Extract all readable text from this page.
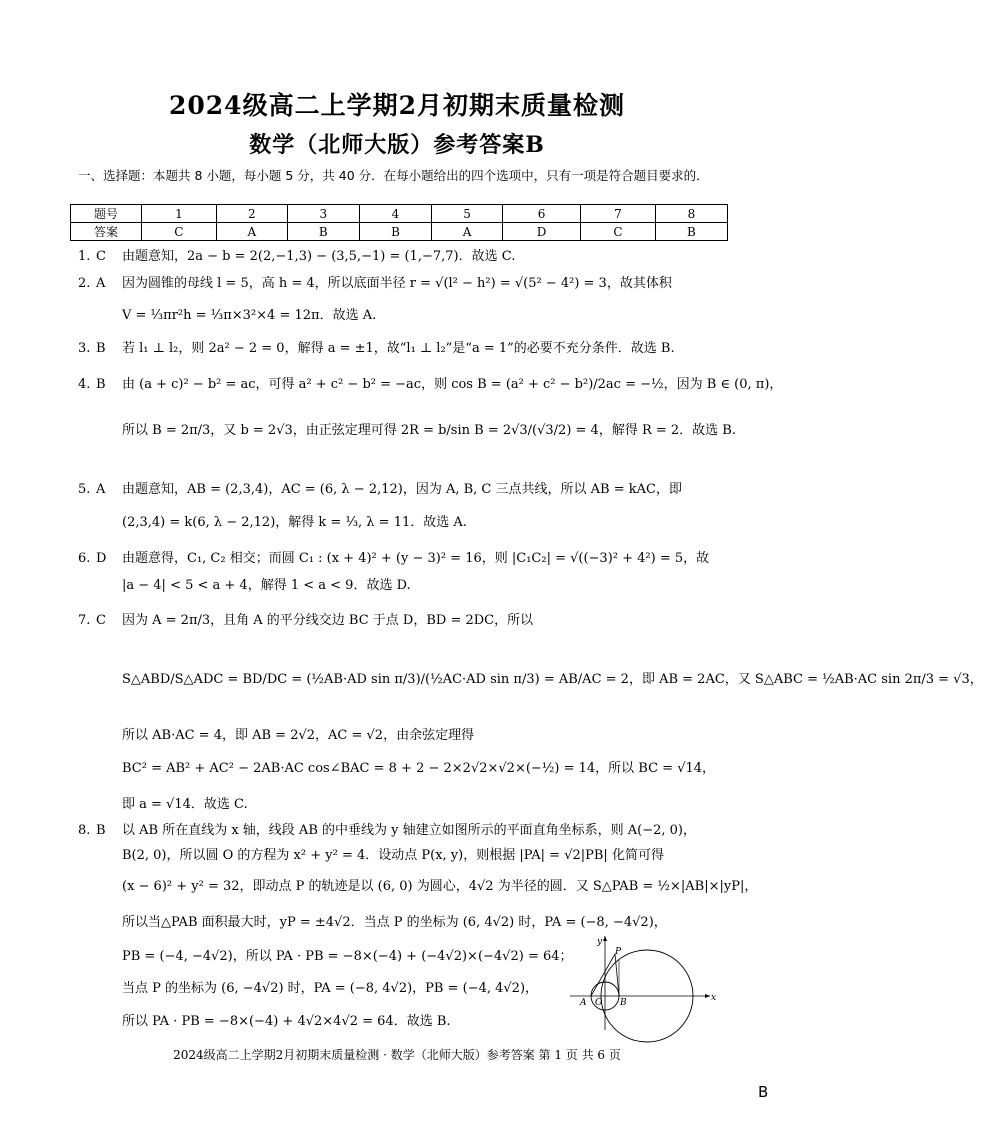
2024级高二上学期2月初期末质量检测
数学（北师大版）参考答案B
一、选择题：本题共 8 小题，每小题 5 分，共 40 分．在每小题给出的四个选项中，只有一项是符合题目要求的．
题号	1	2	3	4	5	6	7	8
答案	C	A	B	B	A	D	C	B
1. C	由题意知，2a − b = 2(2,−1,3) − (3,5,−1) = (1,−7,7)．故选 C.
2. A	因为圆锥的母线 l = 5，高 h = 4，所以底面半径 r = √(l² − h²) = √(5² − 4²) = 3，故其体积
V = ⅓πr²h = ⅓π×3²×4 = 12π．故选 A.
3. B	若 l₁ ⊥ l₂，则 2a² − 2 = 0，解得 a = ±1，故“l₁ ⊥ l₂”是“a = 1”的必要不充分条件．故选 B.
4. B	由 (a + c)² − b² = ac，可得 a² + c² − b² = −ac，则 cos B = (a² + c² − b²)/2ac = −½，因为 B ∈ (0, π)，
所以 B = 2π/3，又 b = 2√3，由正弦定理可得 2R = b/sin B = 2√3/(√3/2) = 4，解得 R = 2．故选 B.
5. A	由题意知，AB = (2,3,4)，AC = (6, λ − 2,12)，因为 A, B, C 三点共线，所以 AB = kAC，即
(2,3,4) = k(6, λ − 2,12)，解得 k = ⅓, λ = 11．故选 A.
6. D	由题意得，C₁, C₂ 相交；而圆 C₁ : (x + 4)² + (y − 3)² = 16，则 |C₁C₂| = √((−3)² + 4²) = 5，故
|a − 4| < 5 < a + 4，解得 1 < a < 9．故选 D.
7. C	因为 A = 2π/3，且角 A 的平分线交边 BC 于点 D，BD = 2DC，所以
S△ABD/S△ADC = BD/DC = (½AB·AD sin π/3)/(½AC·AD sin π/3) = AB/AC = 2，即 AB = 2AC，又 S△ABC = ½AB·AC sin 2π/3 = √3，
所以 AB·AC = 4，即 AB = 2√2，AC = √2，由余弦定理得
BC² = AB² + AC² − 2AB·AC cos∠BAC = 8 + 2 − 2×2√2×√2×(−½) = 14，所以 BC = √14，
即 a = √14．故选 C.
8. B	以 AB 所在直线为 x 轴，线段 AB 的中垂线为 y 轴建立如图所示的平面直角坐标系，则 A(−2, 0)，
B(2, 0)，所以圆 O 的方程为 x² + y² = 4．设动点 P(x, y)，则根据 |PA| = √2|PB| 化简可得
(x − 6)² + y² = 32，即动点 P 的轨迹是以 (6, 0) 为圆心，4√2 为半径的圆．又 S△PAB = ½×|AB|×|yP|，
所以当△PAB 面积最大时，yP = ±4√2．当点 P 的坐标为 (6, 4√2) 时，PA = (−8, −4√2)，
PB = (−4, −4√2)，所以 PA · PB = −8×(−4) + (−4√2)×(−4√2) = 64；
当点 P 的坐标为 (6, −4√2) 时，PA = (−8, 4√2)，PB = (−4, 4√2)，
所以 PA · PB = −8×(−4) + 4√2×4√2 = 64．故选 B.
y
x
A O B
P
2024级高二上学期2月初期末质量检测 · 数学（北师大版）参考答案 第 1 页 共 6 页
B
